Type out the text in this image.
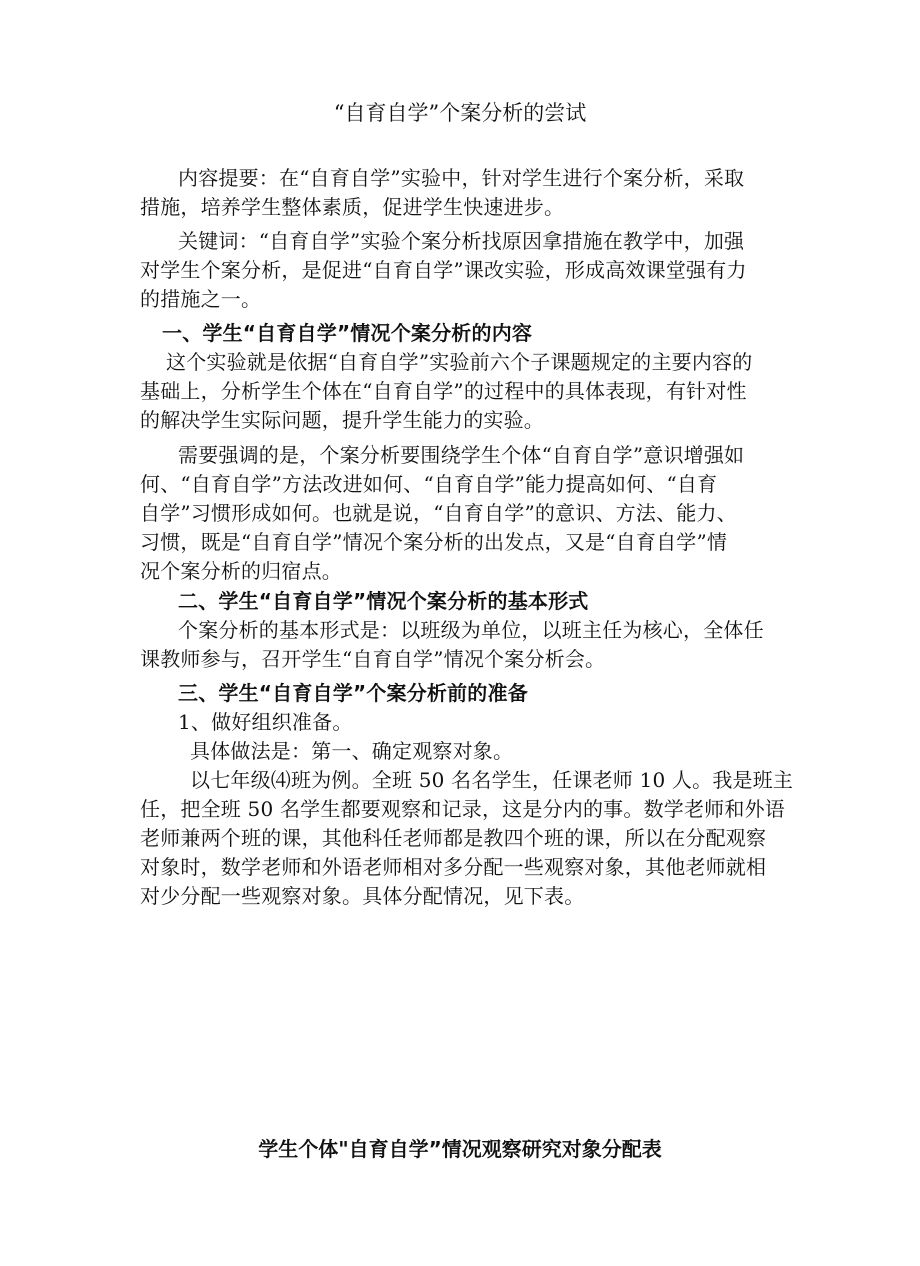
“自育自学”个案分析的尝试
内容提要：在“自育自学”实验中，针对学生进行个案分析，采取
措施，培养学生整体素质，促进学生快速进步。
关键词：“自育自学”实验个案分析找原因拿措施在教学中，加强
对学生个案分析，是促进“自育自学”课改实验，形成高效课堂强有力
的措施之一。
一、学生“自育自学”情况个案分析的内容
这个实验就是依据“自育自学”实验前六个子课题规定的主要内容的
基础上，分析学生个体在“自育自学”的过程中的具体表现，有针对性
的解决学生实际问题，提升学生能力的实验。
需要强调的是，个案分析要围绕学生个体“自育自学”意识增强如
何、“自育自学”方法改进如何、“自育自学”能力提高如何、“自育
自学”习惯形成如何。也就是说，“自育自学”的意识、方法、能力、
习惯，既是“自育自学”情况个案分析的出发点，又是“自育自学”情
况个案分析的归宿点。
二、学生“自育自学”情况个案分析的基本形式
个案分析的基本形式是：以班级为单位，以班主任为核心，全体任
课教师参与，召开学生“自育自学”情况个案分析会。
三、学生“自育自学”个案分析前的准备
1、做好组织准备。
具体做法是：第一、确定观察对象。
以七年级⑷班为例。全班 50 名名学生，任课老师 10 人。我是班主
任，把全班 50 名学生都要观察和记录，这是分内的事。数学老师和外语
老师兼两个班的课，其他科任老师都是教四个班的课，所以在分配观察
对象时，数学老师和外语老师相对多分配一些观察对象，其他老师就相
对少分配一些观察对象。具体分配情况，见下表。
学生个体"自育自学”情况观察研究对象分配表
